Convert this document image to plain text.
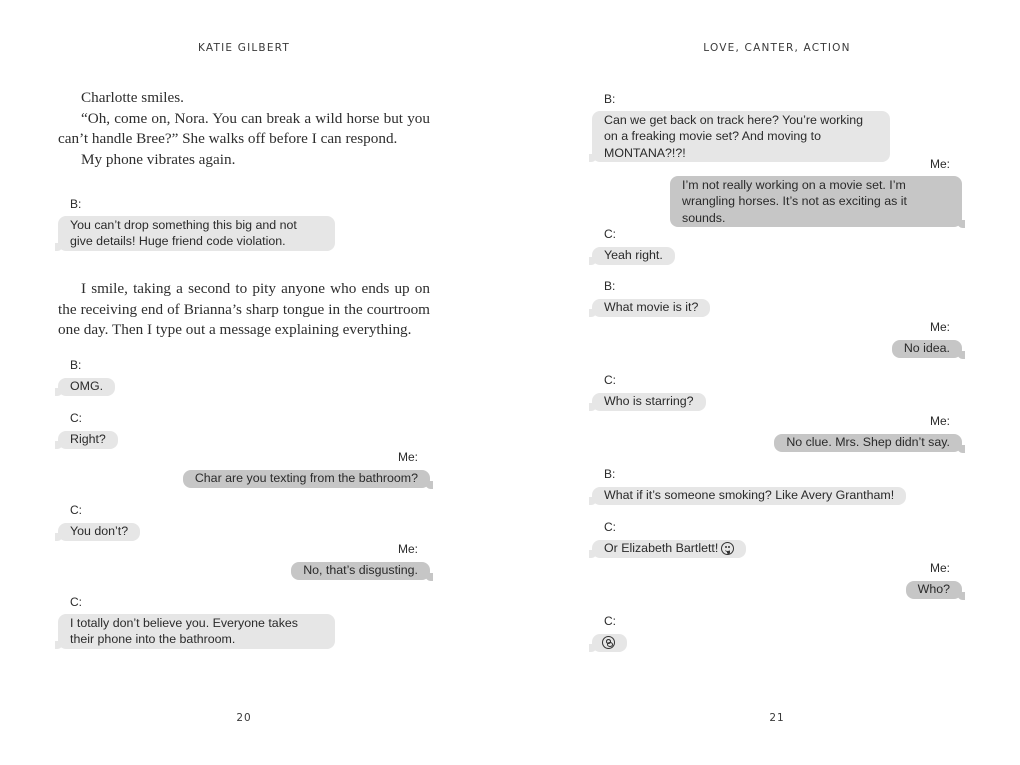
KATIE GILBERT

Charlotte smiles.

“Oh, come on, Nora. You can break a wild horse but you can’t handle Bree?” She walks off before I can respond.

My phone vibrates again.

B:
You can’t drop something this big and not give details! Huge friend code violation.

I smile, taking a second to pity anyone who ends up on the receiving end of Brianna’s sharp tongue in the courtroom one day. Then I type out a message explaining everything.

B:
OMG.
C:
Right?
Me:
Char are you texting from the bathroom?
C:
You don’t?
Me:
No, that’s disgusting.
C:
I totally don’t believe you. Everyone takes their phone into the bathroom.
20
LOVE, CANTER, ACTION
B:
Can we get back on track here? You’re working on a freaking movie set? And moving to MONTANA?!?!
Me:
I’m not really working on a movie set. I’m wrangling horses. It’s not as exciting as it sounds.
C:
Yeah right.
B:
What movie is it?
Me:
No idea.
C:
Who is starring?
Me:
No clue. Mrs. Shep didn’t say.
B:
What if it’s someone smoking? Like Avery Grantham!
C:
Or Elizabeth Bartlett!
Me:
Who?
C:
21
